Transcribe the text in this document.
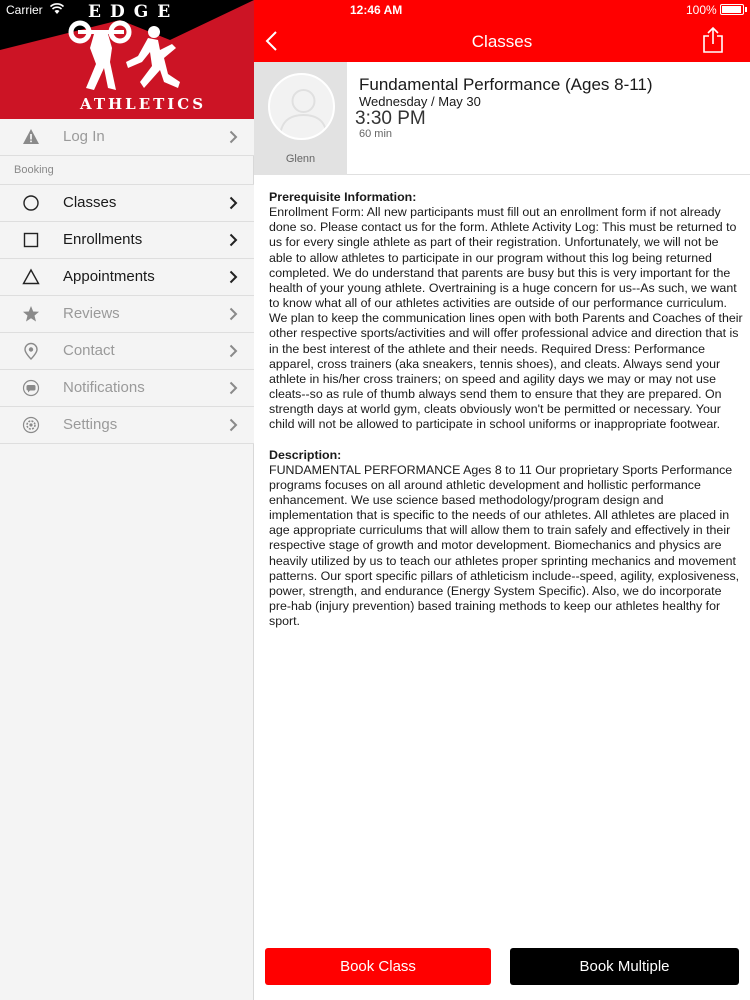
EDGE
ATHLETICS
Carrier
Log In
Booking
Classes
Enrollments
Appointments
Reviews
Contact
Notifications
Settings
12:46 AM	100%
Classes
Glenn
Fundamental Performance (Ages 8-11)
Wednesday / May 30
3:30 PM
60 min

Prerequisite Information:
Enrollment Form: All new participants must fill out an enrollment form if not already done so. Please contact us for the form. Athlete Activity Log: This must be returned to us for every single athlete as part of their registration. Unfortunately, we will not be able to allow athletes to participate in our program without this log being returned completed. We do understand that parents are busy but this is very important for the health of your young athlete. Overtraining is a huge concern for us--As such, we want to know what all of our athletes activities are outside of our performance curriculum. We plan to keep the communication lines open with both Parents and Coaches of their other respective sports/activities and will offer professional advice and direction that is in the best interest of the athlete and their needs. Required Dress: Performance apparel, cross trainers (aka sneakers, tennis shoes), and cleats. Always send your athlete in his/her cross trainers; on speed and agility days we may or may not use cleats--so as rule of thumb always send them to ensure that they are prepared. On strength days at world gym, cleats obviously won't be permitted or necessary. Your child will not be allowed to participate in school uniforms or inappropriate footwear.

Description:
FUNDAMENTAL PERFORMANCE Ages 8 to 11 Our proprietary Sports Performance programs focuses on all around athletic development and hollistic performance enhancement. We use science based methodology/program design and implementation that is specific to the needs of our athletes. All athletes are placed in age appropriate curriculums that will allow them to train safely and effectively in their respective stage of growth and motor development. Biomechanics and physics are heavily utilized by us to teach our athletes proper sprinting mechanics and movement patterns. Our sport specific pillars of athleticism include--speed, agility, explosiveness, power, strength, and endurance (Energy System Specific). Also, we do incorporate pre-hab (injury prevention) based training methods to keep our athletes healthy for sport.

Book Class	Book Multiple
